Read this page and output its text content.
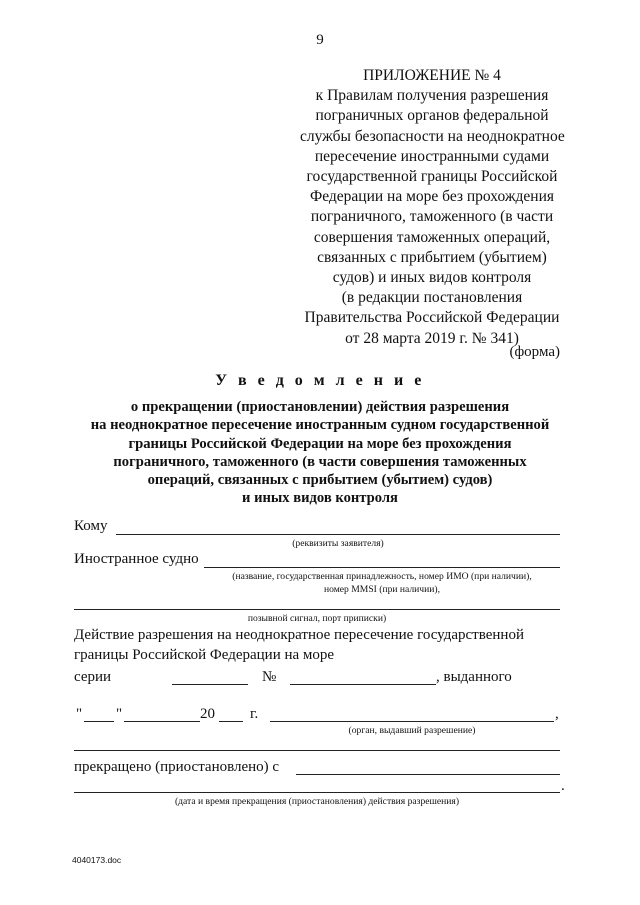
9
ПРИЛОЖЕНИЕ № 4
к Правилам получения разрешения
пограничных органов федеральной
службы безопасности на неоднократное
пересечение иностранными судами
государственной границы Российской
Федерации на море без прохождения
пограничного, таможенного (в части
совершения таможенных операций,
связанных с прибытием (убытием)
судов) и иных видов контроля
(в редакции постановления
Правительства Российской Федерации
от 28 марта 2019 г. № 341)
(форма)
У в е д о м л е н и е
о прекращении (приостановлении) действия разрешения
на неоднократное пересечение иностранным судном государственной
границы Российской Федерации на море без прохождения
пограничного, таможенного (в части совершения таможенных
операций, связанных с прибытием (убытием) судов)
и иных видов контроля
Кому
(реквизиты заявителя)
Иностранное судно
(название, государственная принадлежность, номер ИМО (при наличии),
номер MMSI (при наличии),
позывной сигнал, порт приписки)
Действие разрешения на неоднократное пересечение государственной
границы Российской Федерации на море
серии	№	, выданного
" "	20 г.	,
(орган, выдавший разрешение)
прекращено (приостановлено) с
.
(дата и время прекращения (приостановления) действия разрешения)
4040173.doc
